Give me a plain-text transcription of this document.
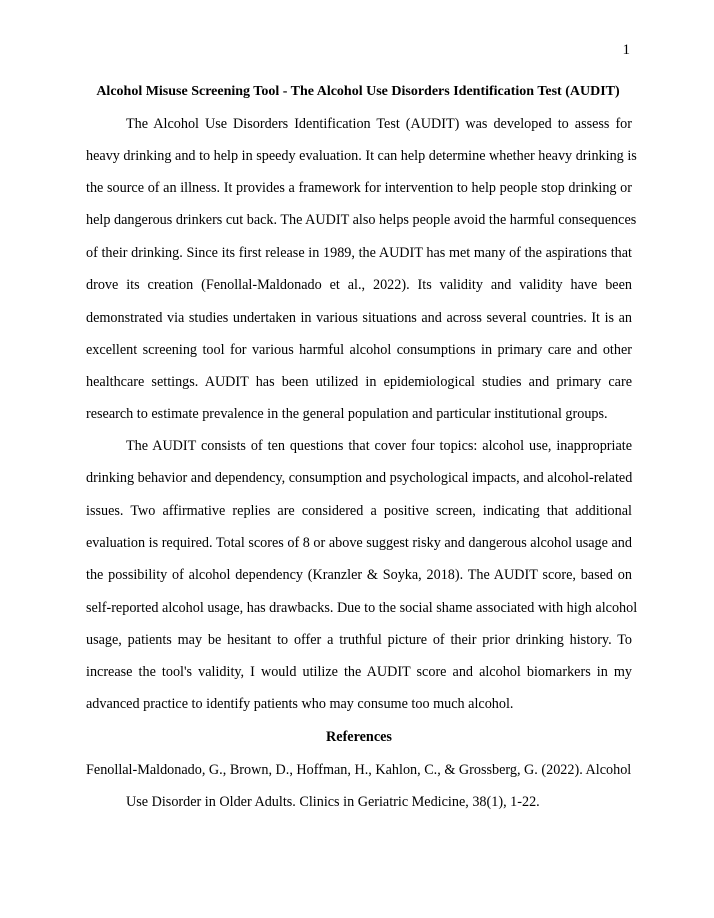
1
Alcohol Misuse Screening Tool - The Alcohol Use Disorders Identification Test (AUDIT)
The Alcohol Use Disorders Identification Test (AUDIT) was developed to assess for
heavy drinking and to help in speedy evaluation. It can help determine whether heavy drinking is
the source of an illness. It provides a framework for intervention to help people stop drinking or
help dangerous drinkers cut back. The AUDIT also helps people avoid the harmful consequences
of their drinking. Since its first release in 1989, the AUDIT has met many of the aspirations that
drove its creation (Fenollal-Maldonado et al., 2022). Its validity and validity have been
demonstrated via studies undertaken in various situations and across several countries. It is an
excellent screening tool for various harmful alcohol consumptions in primary care and other
healthcare settings. AUDIT has been utilized in epidemiological studies and primary care
research to estimate prevalence in the general population and particular institutional groups.
The AUDIT consists of ten questions that cover four topics: alcohol use, inappropriate
drinking behavior and dependency, consumption and psychological impacts, and alcohol-related
issues. Two affirmative replies are considered a positive screen, indicating that additional
evaluation is required. Total scores of 8 or above suggest risky and dangerous alcohol usage and
the possibility of alcohol dependency (Kranzler & Soyka, 2018). The AUDIT score, based on
self-reported alcohol usage, has drawbacks. Due to the social shame associated with high alcohol
usage, patients may be hesitant to offer a truthful picture of their prior drinking history. To
increase the tool's validity, I would utilize the AUDIT score and alcohol biomarkers in my
advanced practice to identify patients who may consume too much alcohol.
References
Fenollal-Maldonado, G., Brown, D., Hoffman, H., Kahlon, C., & Grossberg, G. (2022). Alcohol
Use Disorder in Older Adults. Clinics in Geriatric Medicine, 38(1), 1-22.
